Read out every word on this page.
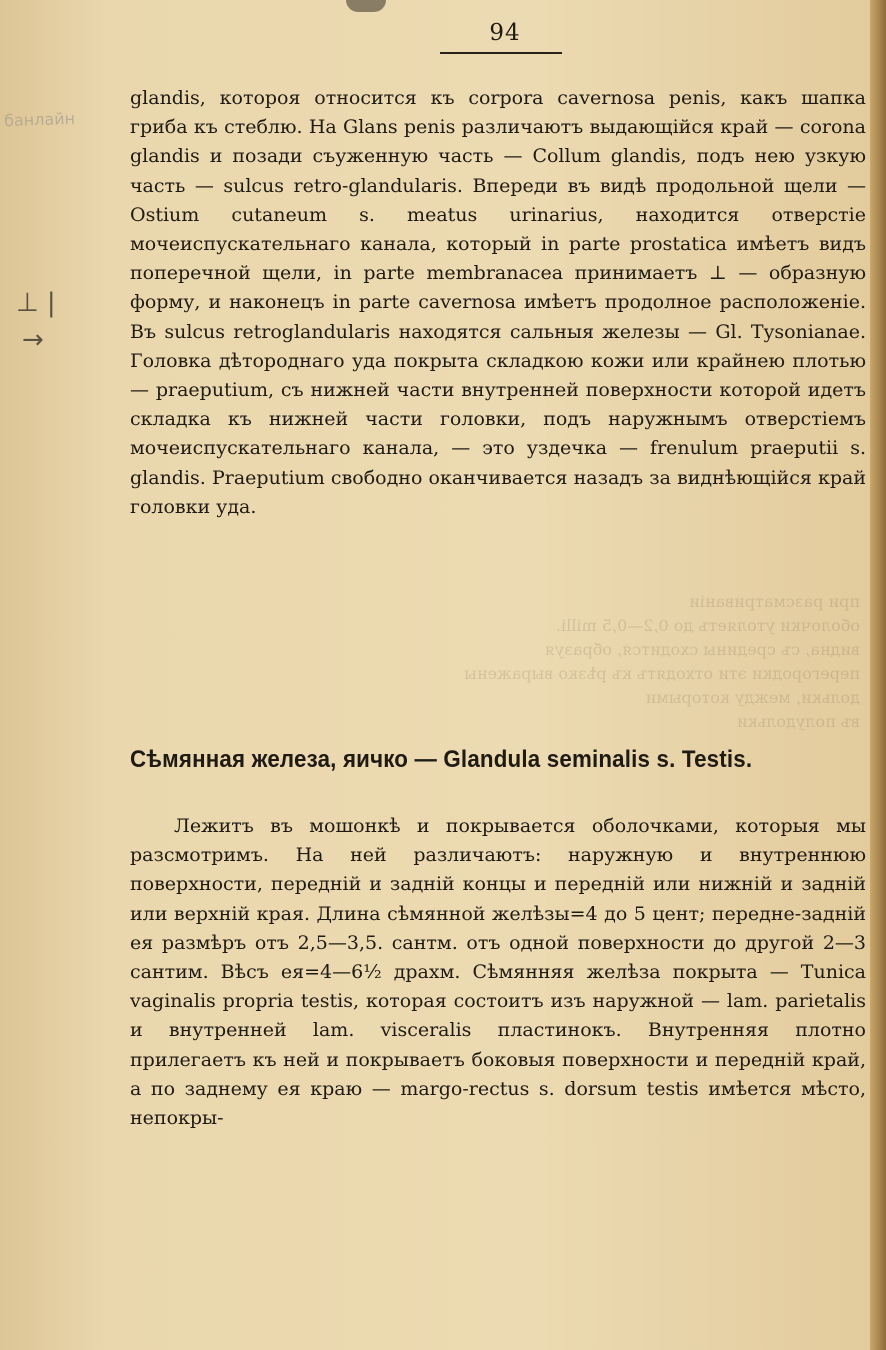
94
банлайн
⊥ |
→

glandis, котороя относится къ corpora cavernosa penis, какъ шапка гриба къ стеблю. На Glans penis различаютъ выдающійся край — corona glandis и позади съуженную часть — Collum glandis, подъ нею узкую часть — sulcus retro-glandularis. Впереди въ видѣ продольной щели — Ostium cutaneum s. meatus urinarius, находится отверстіе мочеиспускательнаго канала, который in parte prostatica имѣетъ видъ поперечной щели, in parte membranacea принимаетъ ⊥ — образную форму, и наконецъ in parte cavernosa имѣетъ продолное расположеніе. Въ sulcus retroglandularis находятся сальныя железы — Gl. Tysonianae. Головка дѣтороднаго уда покрыта складкою кожи или крайнею плотью — praeputium, съ нижней части внутренней поверхности которой идетъ складка къ нижней части головки, подъ наружнымъ отверстіемъ мочеиспускательнаго канала, — это уздечка — frenulum praeputii s. glandis. Praeputium свободно оканчивается назадъ за виднѣющійся край головки уда.

при разсматриваніи
оболочки утоляетъ до 0,2—0,5 milli.
видна, съ средины сходится, образуя
перегородки эти отходятъ къ рѣзко выражены
дольки, между которыми
въ полудольки
Сѣмянная железа, яичко — Glandula seminalis s. Testis.

Лежитъ въ мошонкѣ и покрывается оболочками, которыя мы разсмотримъ. На ней различаютъ: наружную и внутреннюю поверхности, передній и задній концы и передній или нижній и задній или верхній края. Длина сѣмянной желѣзы=4 до 5 цент; передне-задній ея размѣръ отъ 2,5—3,5. сантм. отъ одной поверхности до другой 2—3 сантим. Вѣсъ ея=4—6½ драхм. Сѣмянняя желѣза покрыта — Tunica vaginalis propria testis, которая состоитъ изъ наружной — lam. parietalis и внутренней lam. visceralis пластинокъ. Внутренняя плотно прилегаетъ къ ней и покрываетъ боковыя поверхности и передній край, а по заднему ея краю — margo-rectus s. dorsum testis имѣется мѣсто, непокры-
